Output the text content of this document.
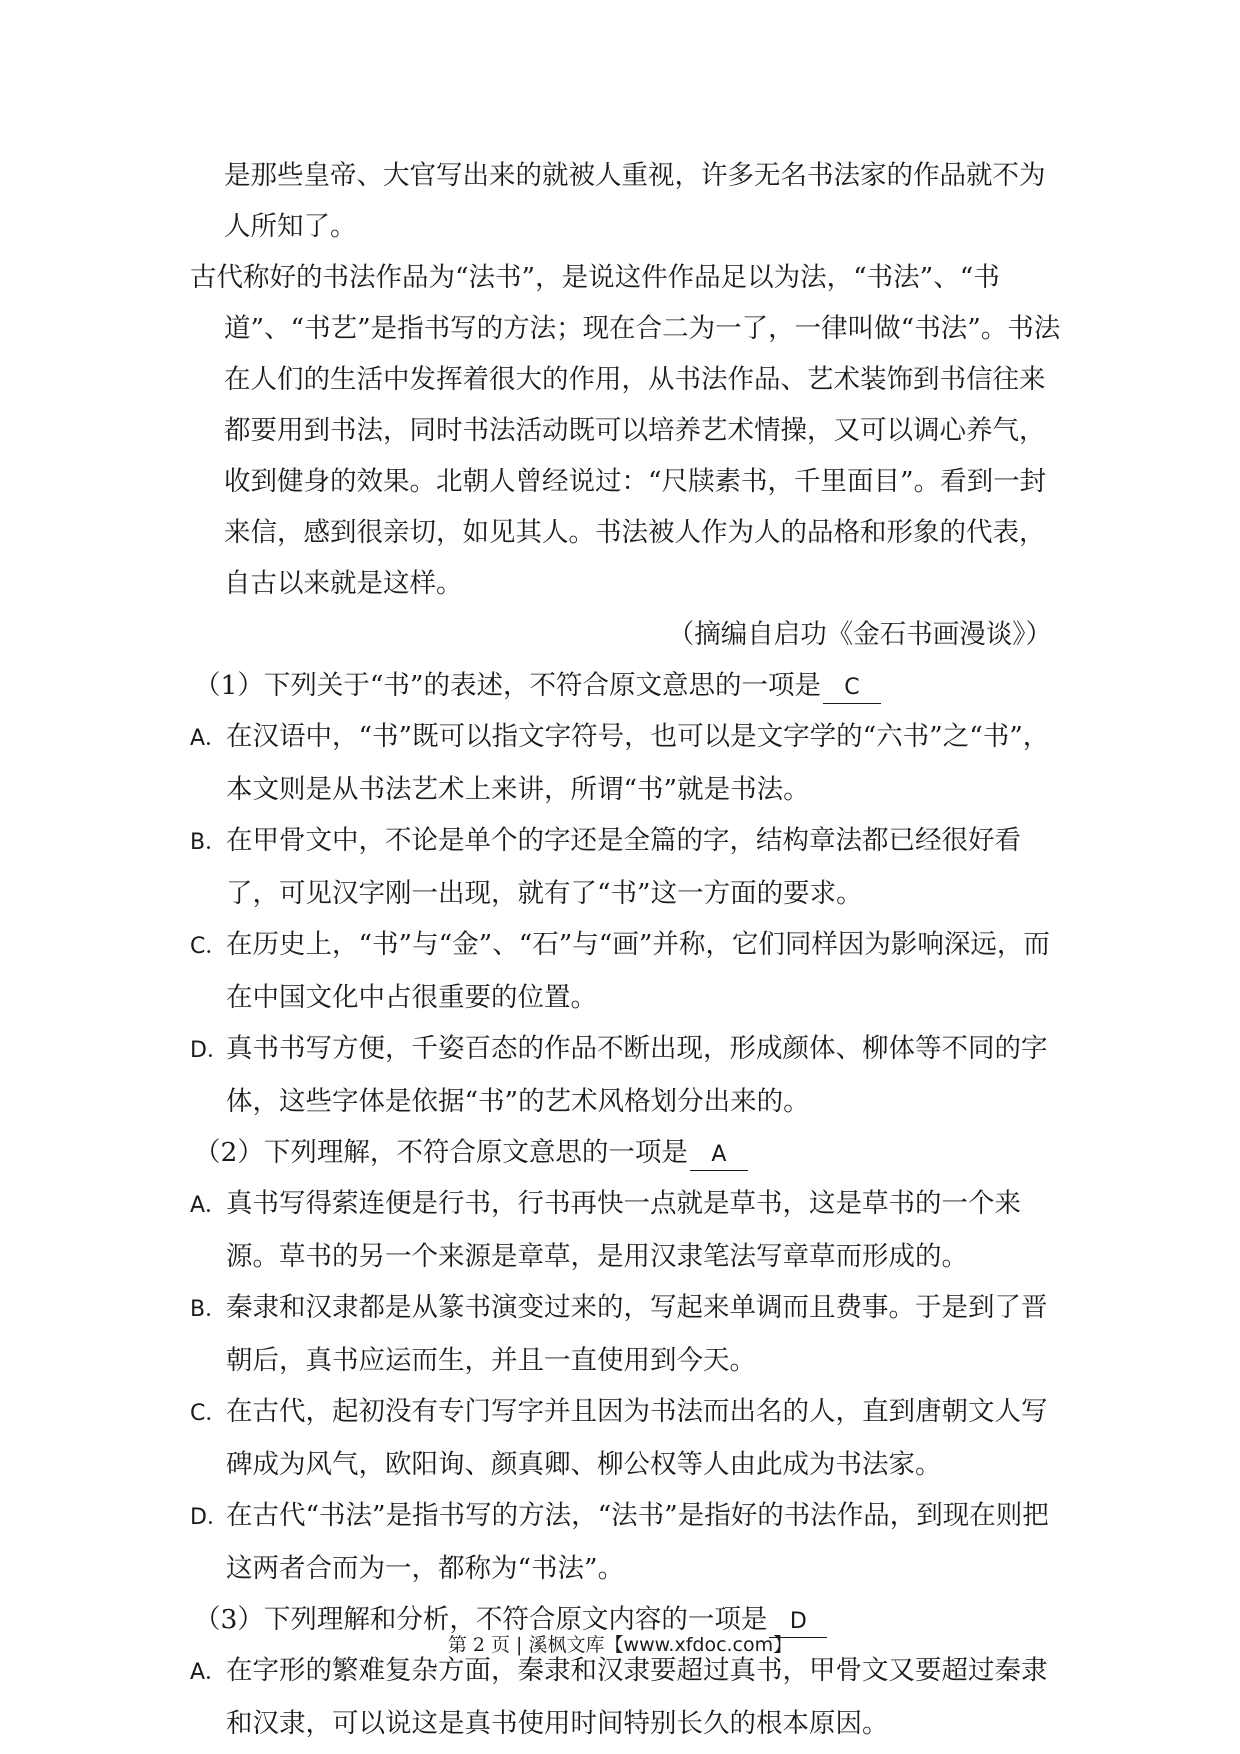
是那些皇帝、大官写出来的就被人重视，许多无名书法家的作品就不为人所知了。

古代称好的书法作品为“法书”，是说这件作品足以为法，“书法”、“书道”、“书艺”是指书写的方法；现在合二为一了，一律叫做“书法”。书法在人们的生活中发挥着很大的作用，从书法作品、艺术装饰到书信往来都要用到书法，同时书法活动既可以培养艺术情操，又可以调心养气，收到健身的效果。北朝人曾经说过：“尺牍素书，千里面目”。看到一封来信，感到很亲切，如见其人。书法被人作为人的品格和形象的代表，自古以来就是这样。

（摘编自启功《金石书画漫谈》）

（1）下列关于“书”的表述，不符合原文意思的一项是 C

A．在汉语中，“书”既可以指文字符号，也可以是文字学的“六书”之“书”，本文则是从书法艺术上来讲，所谓“书”就是书法。

B．在甲骨文中，不论是单个的字还是全篇的字，结构章法都已经很好看了，可见汉字刚一出现，就有了“书”这一方面的要求。

C．在历史上，“书”与“金”、“石”与“画”并称，它们同样因为影响深远，而在中国文化中占很重要的位置。

D．真书书写方便，千姿百态的作品不断出现，形成颜体、柳体等不同的字体，这些字体是依据“书”的艺术风格划分出来的。

（2）下列理解，不符合原文意思的一项是 A

A．真书写得萦连便是行书，行书再快一点就是草书，这是草书的一个来源。草书的另一个来源是章草，是用汉隶笔法写章草而形成的。

B．秦隶和汉隶都是从篆书演变过来的，写起来单调而且费事。于是到了晋朝后，真书应运而生，并且一直使用到今天。

C．在古代，起初没有专门写字并且因为书法而出名的人，直到唐朝文人写碑成为风气，欧阳询、颜真卿、柳公权等人由此成为书法家。

D．在古代“书法”是指书写的方法，“法书”是指好的书法作品，到现在则把这两者合而为一，都称为“书法”。

（3）下列理解和分析，不符合原文内容的一项是 D

A．在字形的繁难复杂方面，秦隶和汉隶要超过真书，甲骨文又要超过秦隶和汉隶，可以说这是真书使用时间特别长久的根本原因。

第 2 页 | 溪枫文库【www.xfdoc.com】
